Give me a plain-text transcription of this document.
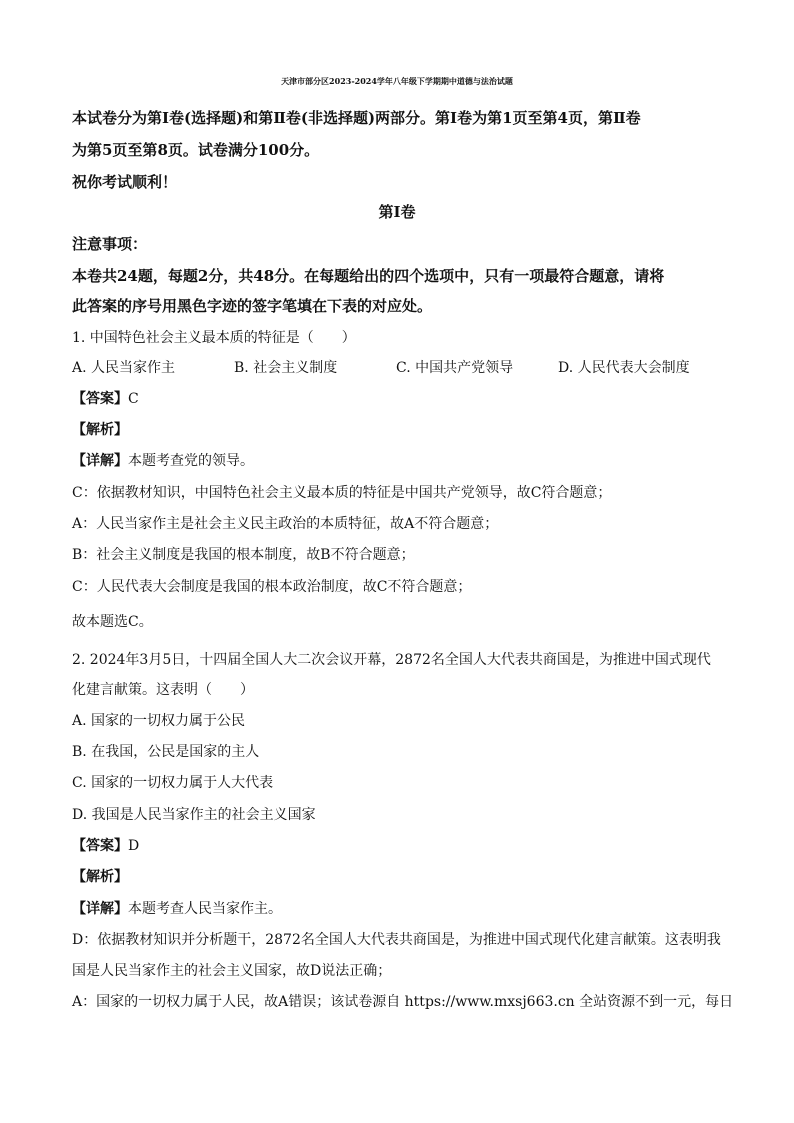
天津市部分区2023-2024学年八年级下学期期中道德与法治试题
本试卷分为第Ⅰ卷(选择题)和第Ⅱ卷(非选择题)两部分。第Ⅰ卷为第1页至第4页，第Ⅱ卷
为第5页至第8页。试卷满分100分。
祝你考试顺利！
第Ⅰ卷
注意事项：
本卷共24题，每题2分，共48分。在每题给出的四个选项中，只有一项最符合题意，请将
此答案的序号用黑色字迹的签字笔填在下表的对应处。
1. 中国特色社会主义最本质的特征是（　　）
A. 人民当家作主	B. 社会主义制度	C. 中国共产党领导	D. 人民代表大会制度
【答案】C
【解析】
【详解】本题考查党的领导。
C：依据教材知识，中国特色社会主义最本质的特征是中国共产党领导，故C符合题意；
A：人民当家作主是社会主义民主政治的本质特征，故A不符合题意；
B：社会主义制度是我国的根本制度，故B不符合题意；
C：人民代表大会制度是我国的根本政治制度，故C不符合题意；
故本题选C。
2. 2024年3月5日，十四届全国人大二次会议开幕，2872名全国人大代表共商国是，为推进中国式现代
化建言献策。这表明（　　）
A. 国家的一切权力属于公民
B. 在我国，公民是国家的主人
C. 国家的一切权力属于人大代表
D. 我国是人民当家作主的社会主义国家
【答案】D
【解析】
【详解】本题考查人民当家作主。
D：依据教材知识并分析题干，2872名全国人大代表共商国是，为推进中国式现代化建言献策。这表明我
国是人民当家作主的社会主义国家，故D说法正确；
A：国家的一切权力属于人民，故A错误；该试卷源自 https://www.mxsj663.cn 全站资源不到一元，每日
